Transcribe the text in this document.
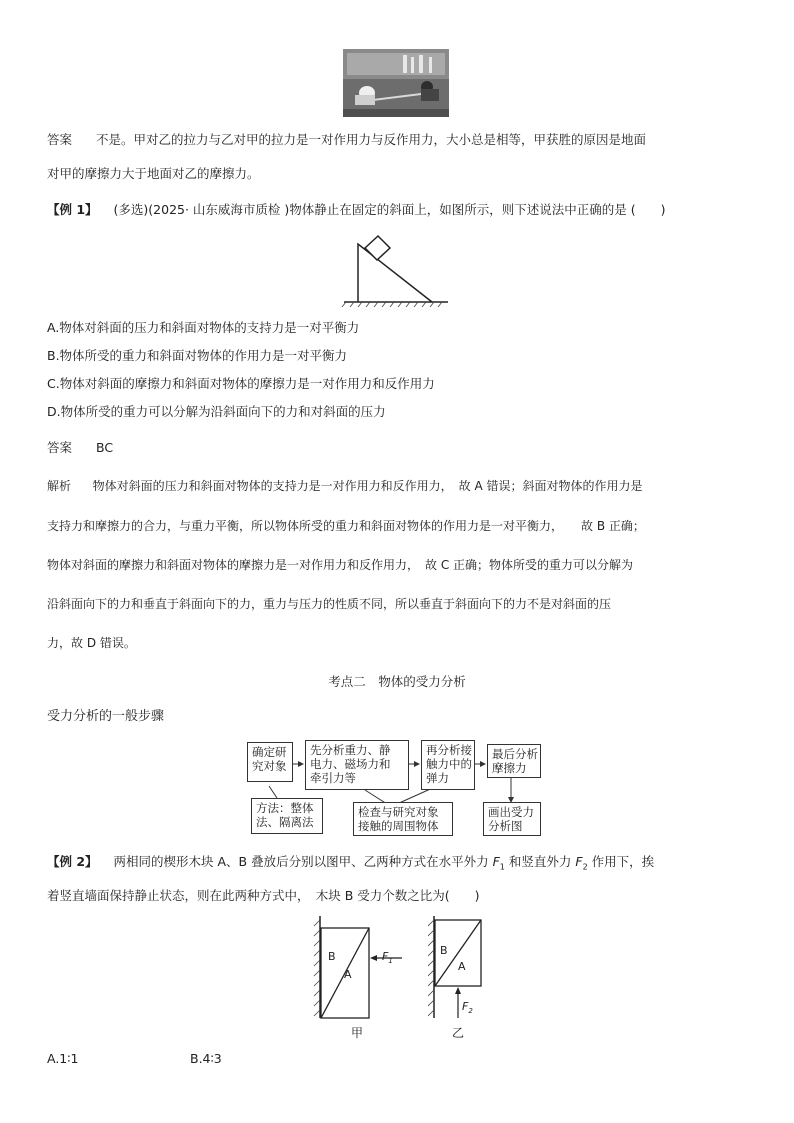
答案 不是。甲对乙的拉力与乙对甲的拉力是一对作用力与反作用力，大小总是相等，甲获胜的原因是地面
对甲的摩擦力大于地面对乙的摩擦力。
【例 1】 (多选)(2025· 山东威海市质检 )物体静止在固定的斜面上，如图所示，则下述说法中正确的是 (　　)
A.物体对斜面的压力和斜面对物体的支持力是一对平衡力
B.物体所受的重力和斜面对物体的作用力是一对平衡力
C.物体对斜面的摩擦力和斜面对物体的摩擦力是一对作用力和反作用力
D.物体所受的重力可以分解为沿斜面向下的力和对斜面的压力
答案 BC
解析 物体对斜面的压力和斜面对物体的支持力是一对作用力和反作用力，　故 A 错误；斜面对物体的作用力是
支持力和摩擦力的合力，与重力平衡，所以物体所受的重力和斜面对物体的作用力是一对平衡力，　　故 B 正确；
物体对斜面的摩擦力和斜面对物体的摩擦力是一对作用力和反作用力，　故 C 正确；物体所受的重力可以分解为
沿斜面向下的力和垂直于斜面向下的力，重力与压力的性质不同，所以垂直于斜面向下的力不是对斜面的压
力，故 D 错误。
考点二　物体的受力分析
受力分析的一般步骤
确定研
究对象
先分析重力、静
电力、磁场力和
牵引力等
再分析接
触力中的
弹力
最后分析
摩擦力
方法：整体
法、隔离法
检查与研究对象
接触的周围物体
画出受力
分析图
【例 2】 两相同的楔形木块 A、B 叠放后分别以图甲、乙两种方式在水平外力 $F_1$ 和竖直外力 $F_2$ 作用下，挨
着竖直墙面保持静止状态，则在此两种方式中，　木块 B 受力个数之比为(　　)
B
A
$F_1$
甲
B
A
$F_2$
乙
A.1∶1	B.4∶3
